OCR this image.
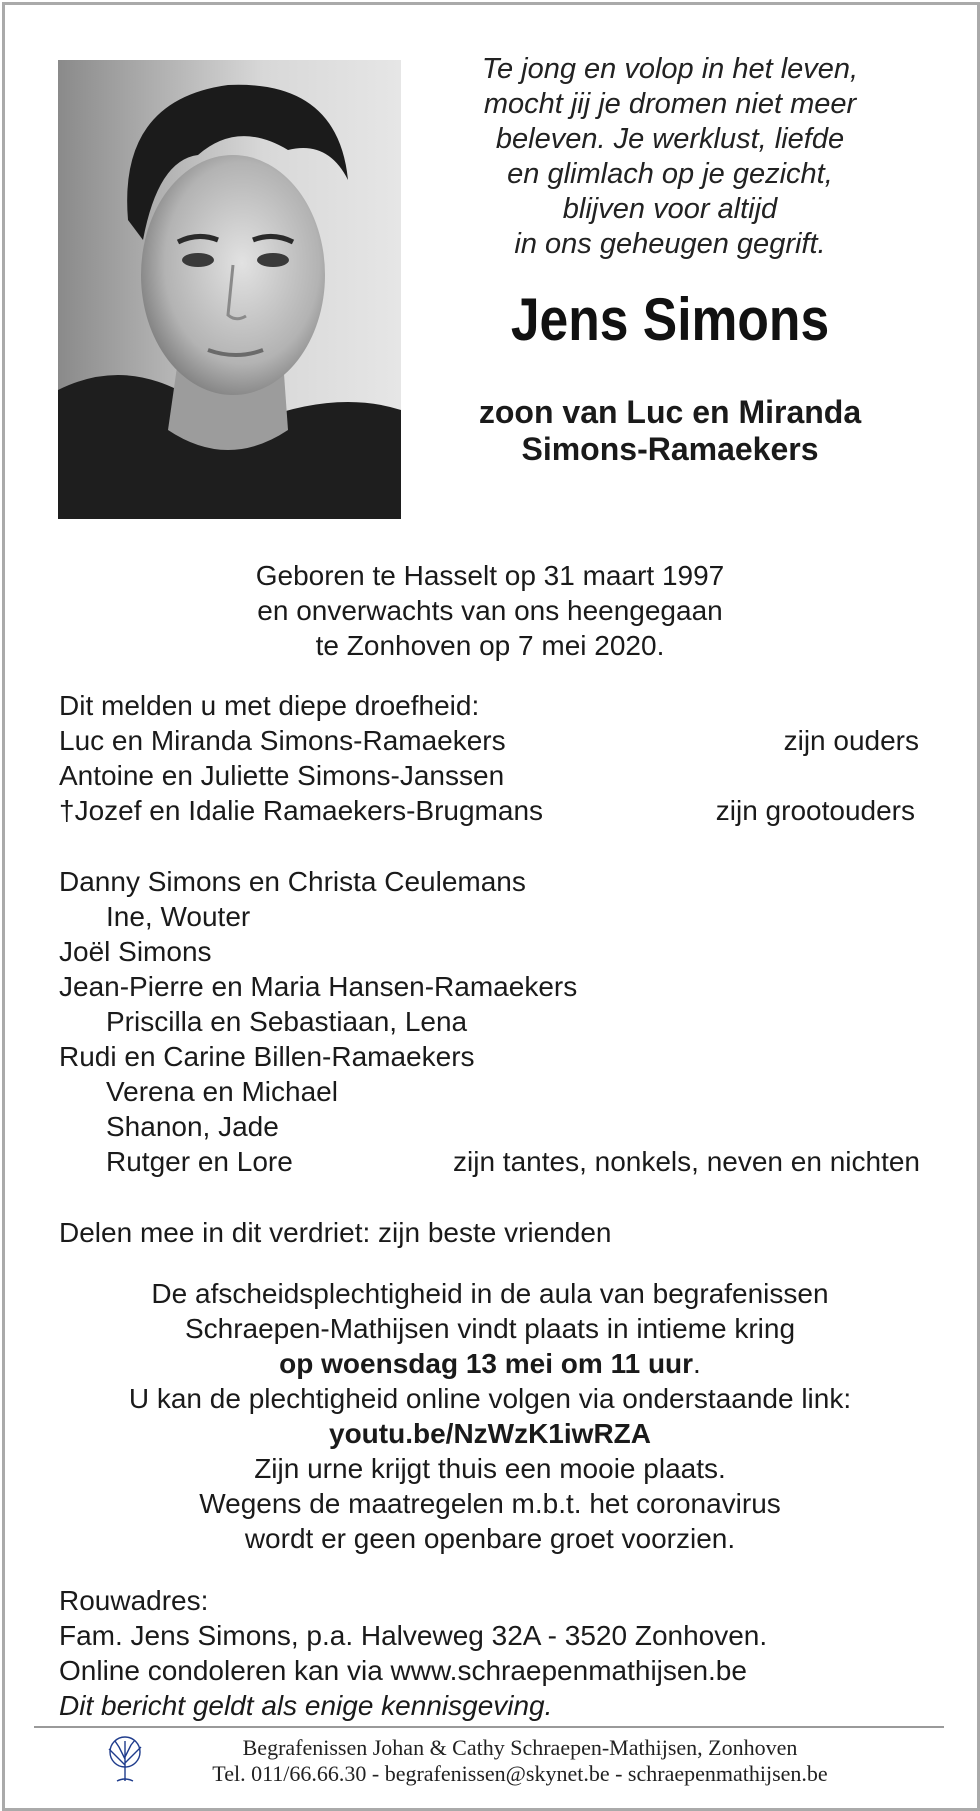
Te jong en volop in het leven,
mocht jij je dromen niet meer
beleven. Je werklust, liefde
en glimlach op je gezicht,
blijven voor altijd
in ons geheugen gegrift.
Jens Simons
zoon van Luc en Miranda
Simons-Ramaekers
Geboren te Hasselt op 31 maart 1997
en onverwachts van ons heengegaan
te Zonhoven op 7 mei 2020.
Dit melden u met diepe droefheid:
Luc en Miranda Simons-Ramaekers	zijn ouders
Antoine en Juliette Simons-Janssen
†Jozef en Idalie Ramaekers-Brugmans	zijn grootouders
Danny Simons en Christa Ceulemans
Ine, Wouter
Joël Simons
Jean-Pierre en Maria Hansen-Ramaekers
Priscilla en Sebastiaan, Lena
Rudi en Carine Billen-Ramaekers
Verena en Michael
Shanon, Jade
Rutger en Lore	zijn tantes, nonkels, neven en nichten
Delen mee in dit verdriet: zijn beste vrienden
De afscheidsplechtigheid in de aula van begrafenissen
Schraepen-Mathijsen vindt plaats in intieme kring
op woensdag 13 mei om 11 uur.
U kan de plechtigheid online volgen via onderstaande link:
youtu.be/NzWzK1iwRZA
Zijn urne krijgt thuis een mooie plaats.
Wegens de maatregelen m.b.t. het coronavirus
wordt er geen openbare groet voorzien.
Rouwadres:
Fam. Jens Simons, p.a. Halveweg 32A - 3520 Zonhoven.
Online condoleren kan via www.schraepenmathijsen.be
Dit bericht geldt als enige kennisgeving.
Begrafenissen Johan & Cathy Schraepen-Mathijsen, Zonhoven
Tel. 011/66.66.30 - begrafenissen@skynet.be - schraepenmathijsen.be
